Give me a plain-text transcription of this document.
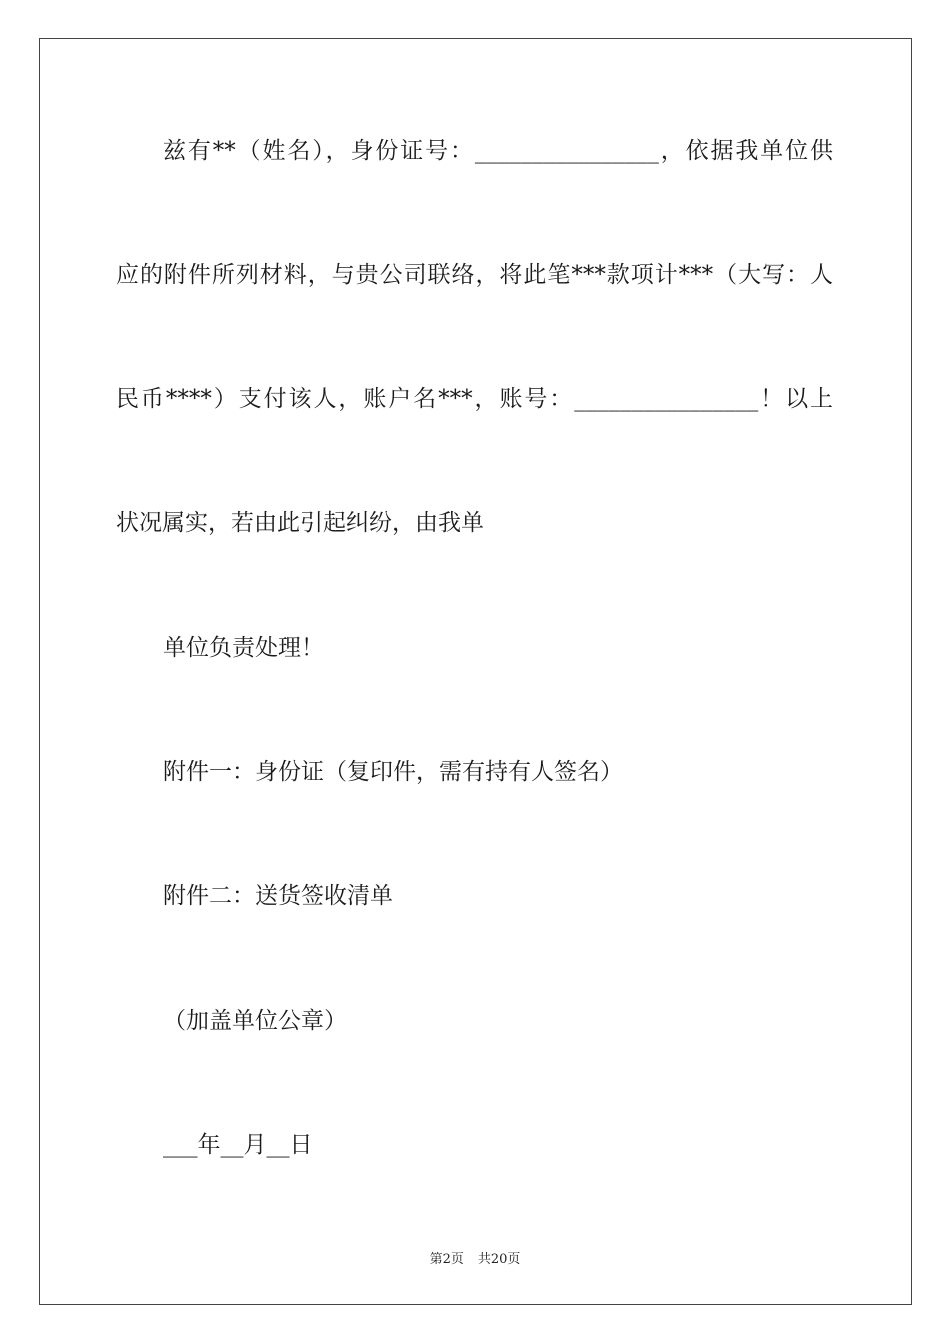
兹有**（姓名），身份证号：________________，依据我单位供
应的附件所列材料，与贵公司联络，将此笔***款项计***（大写：人
民币****）支付该人，账户名***，账号：________________！以上
状况属实，若由此引起纠纷，由我单
单位负责处理！
附件一：身份证（复印件，需有持有人签名）
附件二：送货签收清单
（加盖单位公章）
___年__月__日
第2页 共20页
